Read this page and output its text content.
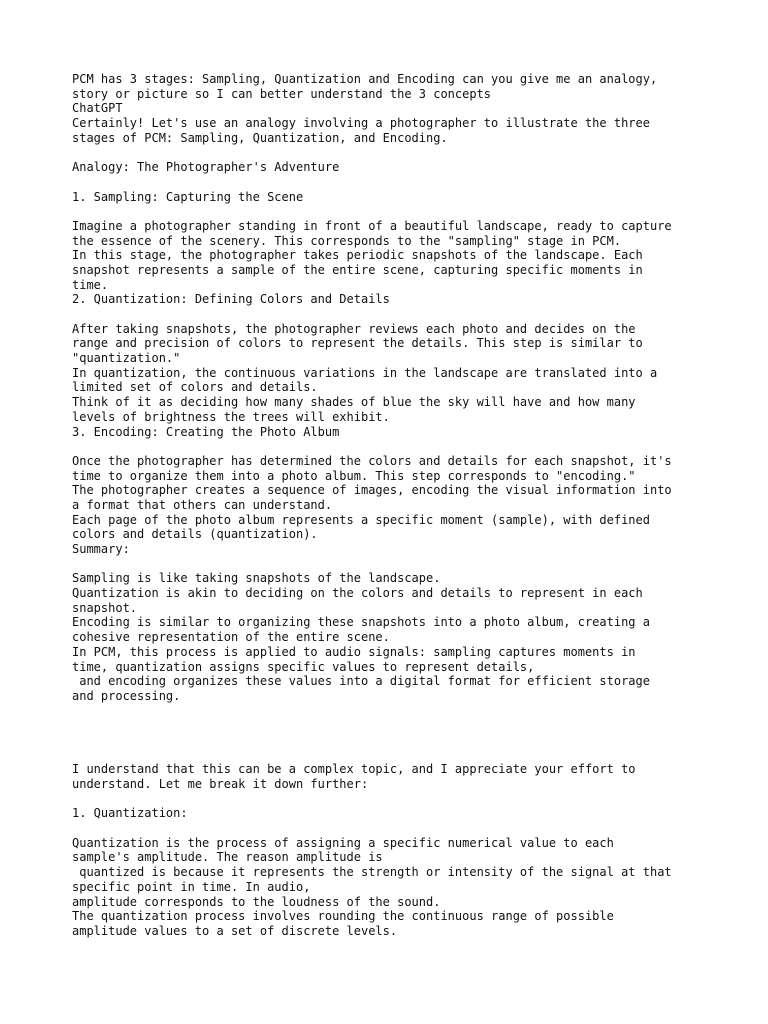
PCM has 3 stages: Sampling, Quantization and Encoding can you give me an analogy,
story or picture so I can better understand the 3 concepts
ChatGPT
Certainly! Let's use an analogy involving a photographer to illustrate the three
stages of PCM: Sampling, Quantization, and Encoding.
Analogy: The Photographer's Adventure
1. Sampling: Capturing the Scene
Imagine a photographer standing in front of a beautiful landscape, ready to capture
the essence of the scenery. This corresponds to the "sampling" stage in PCM.
In this stage, the photographer takes periodic snapshots of the landscape. Each
snapshot represents a sample of the entire scene, capturing specific moments in
time.
2. Quantization: Defining Colors and Details
After taking snapshots, the photographer reviews each photo and decides on the
range and precision of colors to represent the details. This step is similar to
"quantization."
In quantization, the continuous variations in the landscape are translated into a
limited set of colors and details.
Think of it as deciding how many shades of blue the sky will have and how many
levels of brightness the trees will exhibit.
3. Encoding: Creating the Photo Album
Once the photographer has determined the colors and details for each snapshot, it's
time to organize them into a photo album. This step corresponds to "encoding."
The photographer creates a sequence of images, encoding the visual information into
a format that others can understand.
Each page of the photo album represents a specific moment (sample), with defined
colors and details (quantization).
Summary:
Sampling is like taking snapshots of the landscape.
Quantization is akin to deciding on the colors and details to represent in each
snapshot.
Encoding is similar to organizing these snapshots into a photo album, creating a
cohesive representation of the entire scene.
In PCM, this process is applied to audio signals: sampling captures moments in
time, quantization assigns specific values to represent details,
and encoding organizes these values into a digital format for efficient storage
and processing.
I understand that this can be a complex topic, and I appreciate your effort to
understand. Let me break it down further:
1. Quantization:
Quantization is the process of assigning a specific numerical value to each
sample's amplitude. The reason amplitude is
quantized is because it represents the strength or intensity of the signal at that
specific point in time. In audio,
amplitude corresponds to the loudness of the sound.
The quantization process involves rounding the continuous range of possible
amplitude values to a set of discrete levels.
